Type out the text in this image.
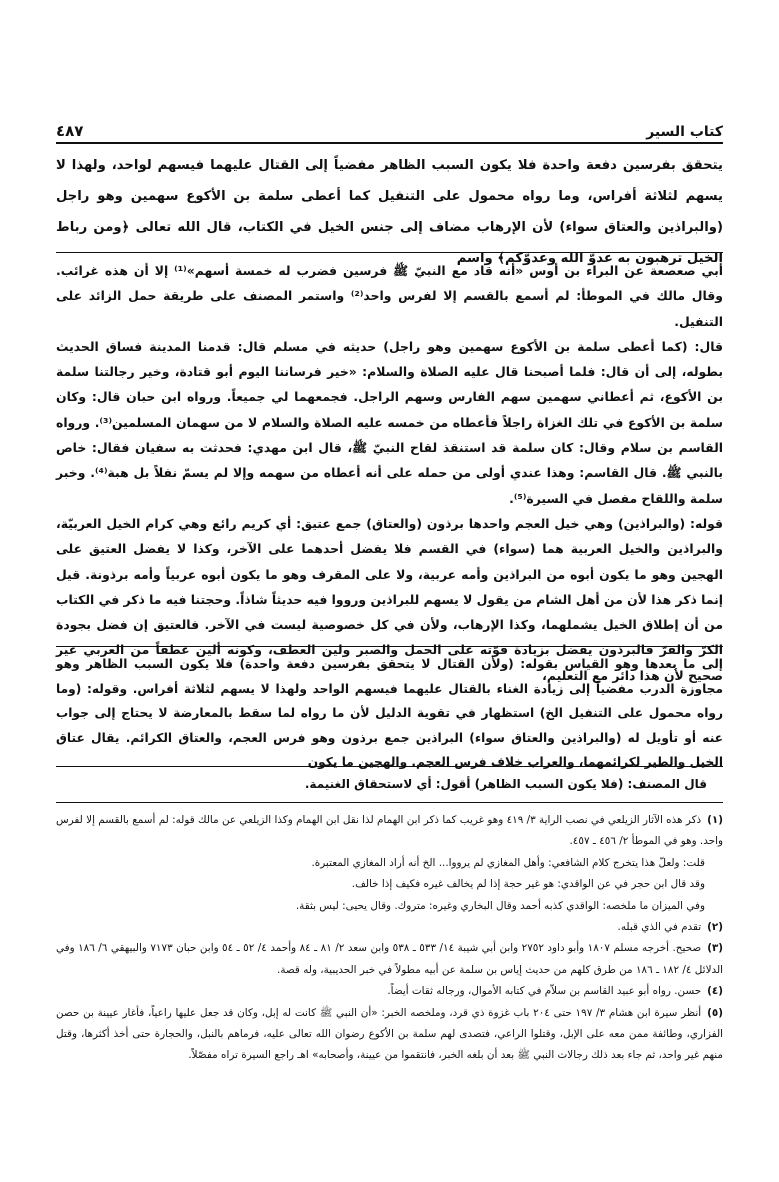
كتاب السير
٤٨٧

يتحقق بفرسين دفعة واحدة فلا يكون السبب الظاهر مفضياً إلى القتال عليهما فيسهم لواحد، ولهذا لا يسهم لثلاثة أفراس، وما رواه محمول على التنفيل كما أعطى سلمة بن الأكوع سهمين وهو راجل (والبراذين والعتاق سواء) لأن الإرهاب مضاف إلى جنس الخيل في الكتاب، قال الله تعالى ﴿ومن رباط الخيل ترهبون به عدوّ الله وعدوّكم﴾ واسم

أبي صعصعة عن البراء بن أوس «أنه قاد مع النبيّ ﷺ فرسين فضرب له خمسة أسهم»⁽¹⁾ إلا أن هذه غرائب. وقال مالك في الموطأ: لم أسمع بالقسم إلا لفرس واحد⁽²⁾ واستمر المصنف على طريقة حمل الزائد على التنفيل.

قال: (كما أعطى سلمة بن الأكوع سهمين وهو راجل) حديثه في مسلم قال: قدمنا المدينة فساق الحديث بطوله، إلى أن قال: فلما أصبحنا قال عليه الصلاة والسلام: «خير فرساننا اليوم أبو قتادة، وخير رجالتنا سلمة بن الأكوع، ثم أعطاني سهمين سهم الفارس وسهم الراجل. فجمعهما لي جميعاً. ورواه ابن حبان قال: وكان سلمة بن الأكوع في تلك الغزاة راجلاً فأعطاه من خمسه عليه الصلاة والسلام لا من سهمان المسلمين⁽³⁾. ورواه القاسم بن سلام وقال: كان سلمة قد استنقذ لقاح النبيّ ﷺ، قال ابن مهدي: فحدثت به سفيان فقال: خاص بالنبي ﷺ. قال القاسم: وهذا عندي أولى من حمله على أنه أعطاه من سهمه وإلا لم يسمّ نفلاً بل هبة⁽⁴⁾. وخبر سلمة واللقاح مفصل في السيرة⁽⁵⁾.

قوله: (والبراذين) وهي خيل العجم واحدها برذون (والعتاق) جمع عتيق: أي كريم رائع وهي كرام الخيل العربيّة، والبراذين والخيل العربية هما (سواء) في القسم فلا يفضل أحدهما على الآخر، وكذا لا يفضل العتيق على الهجين وهو ما يكون أبوه من البراذين وأمه عربية، ولا على المقرف وهو ما يكون أبوه عربياً وأمه برذونة. قيل إنما ذكر هذا لأن من أهل الشام من يقول لا يسهم للبراذين ورووا فيه حديثاً شاذاً. وحجتنا فيه ما ذكر في الكتاب من أن إطلاق الخيل يشملهما، وكذا الإرهاب، ولأن في كل خصوصية ليست في الآخر. فالعتيق إن فضل بجودة الكرّ والفرّ فالبرذون يفضل بزيادة قوّته على الحمل والصبر ولين العطف، وكونه ألين عطفاً من العربي غير صحيح لأن هذا دائر مع التعليم،

إلى ما بعدها وهو القياس بقوله: (ولأن القتال لا يتحقق بفرسين دفعة واحدة) فلا يكون السبب الظاهر وهو مجاوزة الدرب مفضياً إلى زيادة الغناء بالقتال عليهما فيسهم الواحد ولهذا لا يسهم لثلاثة أفراس. وقوله: (وما رواه محمول على التنفيل الخ) استظهار في تقوية الدليل لأن ما رواه لما سقط بالمعارضة لا يحتاج إلى جواب عنه أو تأويل له (والبراذين والعتاق سواء) البراذين جمع برذون وهو فرس العجم، والعتاق الكرائم. يقال عتاق الخيل والطير لكرائمهما، والعراب خلاف فرس العجم. والهجين ما يكون

قال المصنف: (فلا يكون السبب الظاهر) أقول: أي لاستحقاق الغنيمة.

(١)ذكر هذه الآثار الزيلعي في نصب الراية ٣/ ٤١٩ وهو غريب كما ذكر ابن الهمام لذا نقل ابن الهمام وكذا الزيلعي عن مالك قوله: لم أسمع بالقسم إلا لفرس واحد. وهو في الموطأ ٢/ ٤٥٦ ـ ٤٥٧.

قلت: ولعلّ هذا يتخرج كلام الشافعي: وأهل المغازي لم يرووا... الخ أنه أراد المغازي المعتبرة.

وقد قال ابن حجر في عن الواقدي: هو غير حجة إذا لم يخالف غيره فكيف إذا خالف.

وفي الميزان ما ملخصه: الواقدي كذبه أحمد وقال البخاري وغيره: متروك. وقال يحيى: ليس بثقة.

(٢)تقدم في الذي قبله.

(٣)صحيح. أخرجه مسلم ١٨٠٧ وأبو داود ٢٧٥٢ وابن أبي شيبة ١٤/ ٥٣٣ ـ ٥٣٨ وابن سعد ٢/ ٨١ ـ ٨٤ وأحمد ٤/ ٥٢ ـ ٥٤ وابن حبان ٧١٧٣ والبيهقي ٦/ ١٨٦ وفي الدلائل ٤/ ١٨٢ ـ ١٨٦ من طرق كلهم من حديث إياس بن سلمة عن أبيه مطولاً في خبر الحديبية، وله قصة.

(٤)حسن. رواه أبو عبيد القاسم بن سلاّم في كتابه الأموال، ورجاله ثقات أيضاً.

(٥)أنظر سيرة ابن هشام ٣/ ١٩٧ حتى ٢٠٤ باب غزوة ذي قرد، وملخصه الخبر: «أن النبي ﷺ كانت له إبل، وكان قد جعل عليها راعياً، فأغار عيينة بن حصن الفزاري، وطائفة ممن معه على الإبل، وقتلوا الراعي، فتصدى لهم سلمة بن الأكوع رضوان الله تعالى عليه، فرماهم بالنبل، والحجارة حتى أخذ أكثرها، وقتل منهم غير واحد، ثم جاء بعد ذلك رجالات النبي ﷺ بعد أن بلغه الخبر، فانتقموا من عيينة، وأصحابه» اهـ راجع السيرة تراه مفصّلاً.
